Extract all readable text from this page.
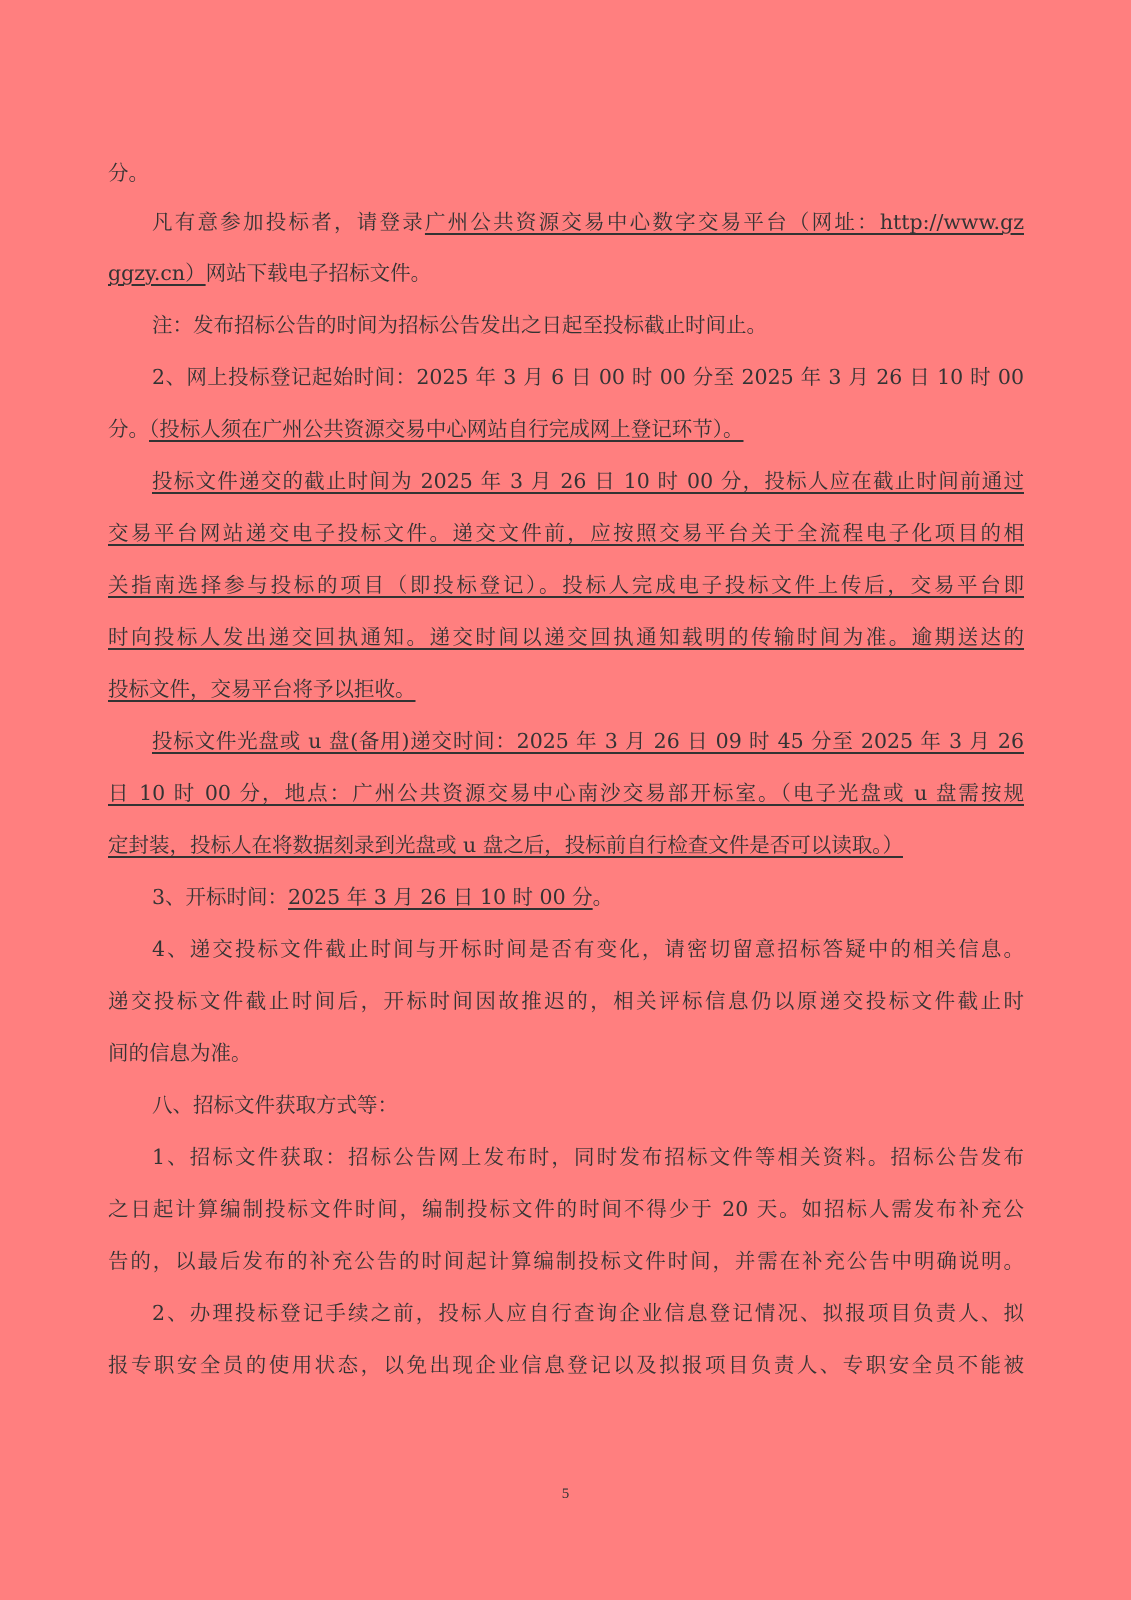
分。
凡有意参加投标者，请登录广州公共资源交易中心数字交易平台（网址：http://www.gz
ggzy.cn）网站下载电子招标文件。
注：发布招标公告的时间为招标公告发出之日起至投标截止时间止。
2、网上投标登记起始时间：2025 年 3 月 6 日 00 时 00 分至 2025 年 3 月 26 日 10 时 00
分。（投标人须在广州公共资源交易中心网站自行完成网上登记环节）。
投标文件递交的截止时间为 2025 年 3 月 26 日 10 时 00 分，投标人应在截止时间前通过
交易平台网站递交电子投标文件。递交文件前，应按照交易平台关于全流程电子化项目的相
关指南选择参与投标的项目（即投标登记）。投标人完成电子投标文件上传后，交易平台即
时向投标人发出递交回执通知。递交时间以递交回执通知载明的传输时间为准。逾期送达的
投标文件，交易平台将予以拒收。
投标文件光盘或 u 盘(备用)递交时间：2025 年 3 月 26 日 09 时 45 分至 2025 年 3 月 26
日 10 时 00 分，地点：广州公共资源交易中心南沙交易部开标室。（电子光盘或 u 盘需按规
定封装，投标人在将数据刻录到光盘或 u 盘之后，投标前自行检查文件是否可以读取。）
3、开标时间：2025 年 3 月 26 日 10 时 00 分。
4、递交投标文件截止时间与开标时间是否有变化，请密切留意招标答疑中的相关信息。
递交投标文件截止时间后，开标时间因故推迟的，相关评标信息仍以原递交投标文件截止时
间的信息为准。
八、招标文件获取方式等：
1、招标文件获取：招标公告网上发布时，同时发布招标文件等相关资料。招标公告发布
之日起计算编制投标文件时间，编制投标文件的时间不得少于 20 天。如招标人需发布补充公
告的，以最后发布的补充公告的时间起计算编制投标文件时间，并需在补充公告中明确说明。
2、办理投标登记手续之前，投标人应自行查询企业信息登记情况、拟报项目负责人、拟
报专职安全员的使用状态，以免出现企业信息登记以及拟报项目负责人、专职安全员不能被
5
